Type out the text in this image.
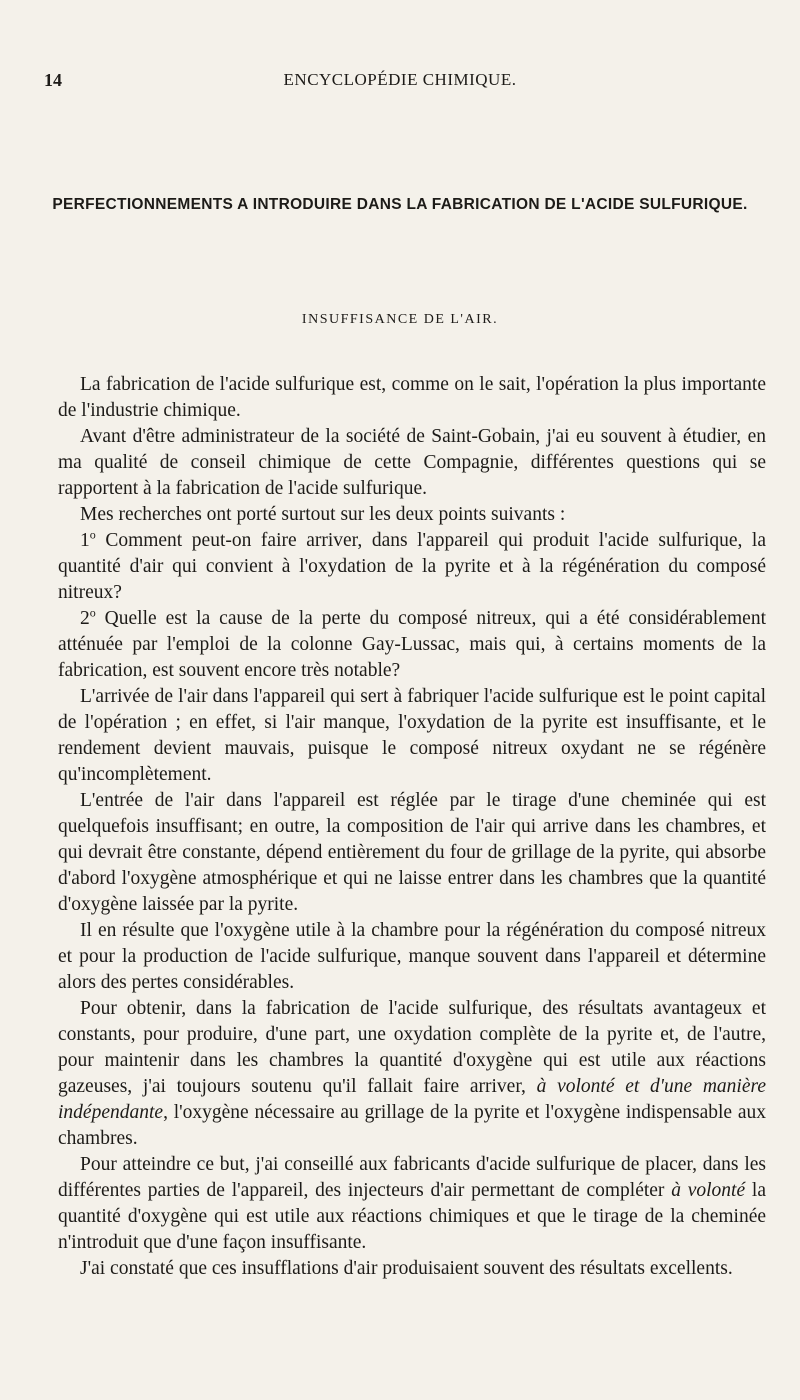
14	ENCYCLOPÉDIE CHIMIQUE.
PERFECTIONNEMENTS A INTRODUIRE DANS LA FABRICATION DE L'ACIDE SULFURIQUE.
INSUFFISANCE DE L'AIR.

La fabrication de l'acide sulfurique est, comme on le sait, l'opération la plus importante de l'industrie chimique.

Avant d'être administrateur de la société de Saint-Gobain, j'ai eu souvent à étudier, en ma qualité de conseil chimique de cette Compagnie, différentes questions qui se rapportent à la fabrication de l'acide sulfurique.

Mes recherches ont porté surtout sur les deux points suivants :

1$^o$ Comment peut-on faire arriver, dans l'appareil qui produit l'acide sulfurique, la quantité d'air qui convient à l'oxydation de la pyrite et à la régénération du composé nitreux?

2$^o$ Quelle est la cause de la perte du composé nitreux, qui a été considérablement atténuée par l'emploi de la colonne Gay-Lussac, mais qui, à certains moments de la fabrication, est souvent encore très notable?

L'arrivée de l'air dans l'appareil qui sert à fabriquer l'acide sulfurique est le point capital de l'opération ; en effet, si l'air manque, l'oxydation de la pyrite est insuffisante, et le rendement devient mauvais, puisque le composé nitreux oxydant ne se régénère qu'incomplètement.

L'entrée de l'air dans l'appareil est réglée par le tirage d'une cheminée qui est quelquefois insuffisant; en outre, la composition de l'air qui arrive dans les chambres, et qui devrait être constante, dépend entièrement du four de grillage de la pyrite, qui absorbe d'abord l'oxygène atmosphérique et qui ne laisse entrer dans les chambres que la quantité d'oxygène laissée par la pyrite.

Il en résulte que l'oxygène utile à la chambre pour la régénération du composé nitreux et pour la production de l'acide sulfurique, manque souvent dans l'appareil et détermine alors des pertes considérables.

Pour obtenir, dans la fabrication de l'acide sulfurique, des résultats avantageux et constants, pour produire, d'une part, une oxydation complète de la pyrite et, de l'autre, pour maintenir dans les chambres la quantité d'oxygène qui est utile aux réactions gazeuses, j'ai toujours soutenu qu'il fallait faire arriver, à volonté et d'une manière indépendante, l'oxygène nécessaire au grillage de la pyrite et l'oxygène indispensable aux chambres.

Pour atteindre ce but, j'ai conseillé aux fabricants d'acide sulfurique de placer, dans les différentes parties de l'appareil, des injecteurs d'air permettant de compléter à volonté la quantité d'oxygène qui est utile aux réactions chimiques et que le tirage de la cheminée n'introduit que d'une façon insuffisante.

J'ai constaté que ces insufflations d'air produisaient souvent des résultats excellents.
